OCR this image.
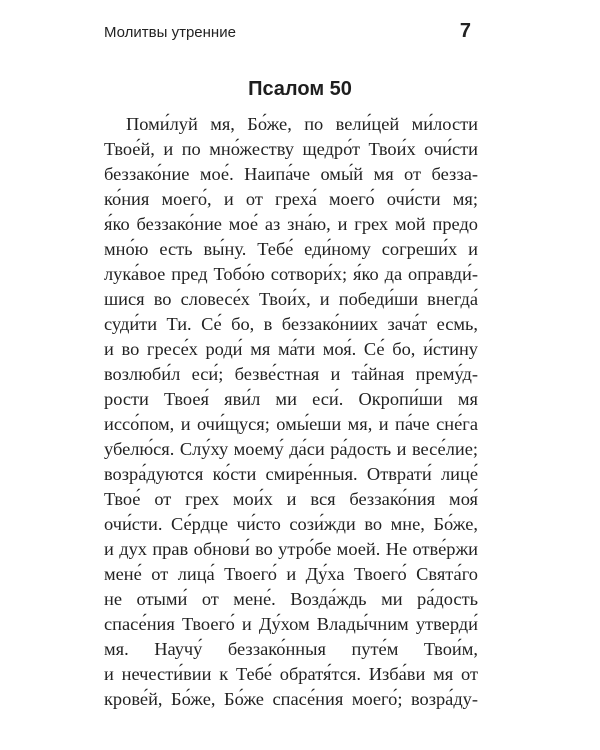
Молитвы утренние	7
Псалом 50
Поми́луй мя, Бо́же, по вели́цей ми́лости
Твое́й, и по мно́жеству щедро́т Твои́х очи́сти
беззако́ние мое́. Наипа́че омы́й мя от безза-
ко́ния моего́, и от греха́ моего́ очи́сти мя;
я́ко беззако́ние мое́ аз зна́ю, и грех мой предо
мно́ю есть вы́ну. Тебе́ еди́ному согреши́х и
лука́вое пред Тобо́ю сотвори́х; я́ко да оправди́-
шися во словесе́х Твои́х, и победи́ши внегда́
суди́ти Ти. Се́ бо, в беззако́ниих зача́т есмь,
и во гресе́х роди́ мя ма́ти моя́. Се́ бо, и́стину
возлюби́л еси́; безве́стная и та́йная прему́д-
рости Твоея́ яви́л ми еси́. Окропи́ши мя
иссо́пом, и очи́щуся; омы́еши мя, и па́че сне́га
убелю́ся. Слу́ху моему́ да́си ра́дость и весе́лие;
возра́дуются ко́сти смире́нныя. Отврати́ лице́
Твое́ от грех мои́х и вся беззако́ния моя́
очи́сти. Се́рдце чи́сто сози́жди во мне, Бо́же,
и дух прав обнови́ во утро́бе моей. Не отве́ржи
мене́ от лица́ Твоего́ и Ду́ха Твоего́ Свята́го
не отыми́ от мене́. Возда́ждь ми ра́дость
спасе́ния Твоего́ и Ду́хом Влады́чним утверди́
мя. Научу́ беззако́нныя путе́м Твои́м,
и нечести́вии к Тебе́ обратя́тся. Изба́ви мя от
крове́й, Бо́же, Бо́же спасе́ния моего́; возра́ду-
